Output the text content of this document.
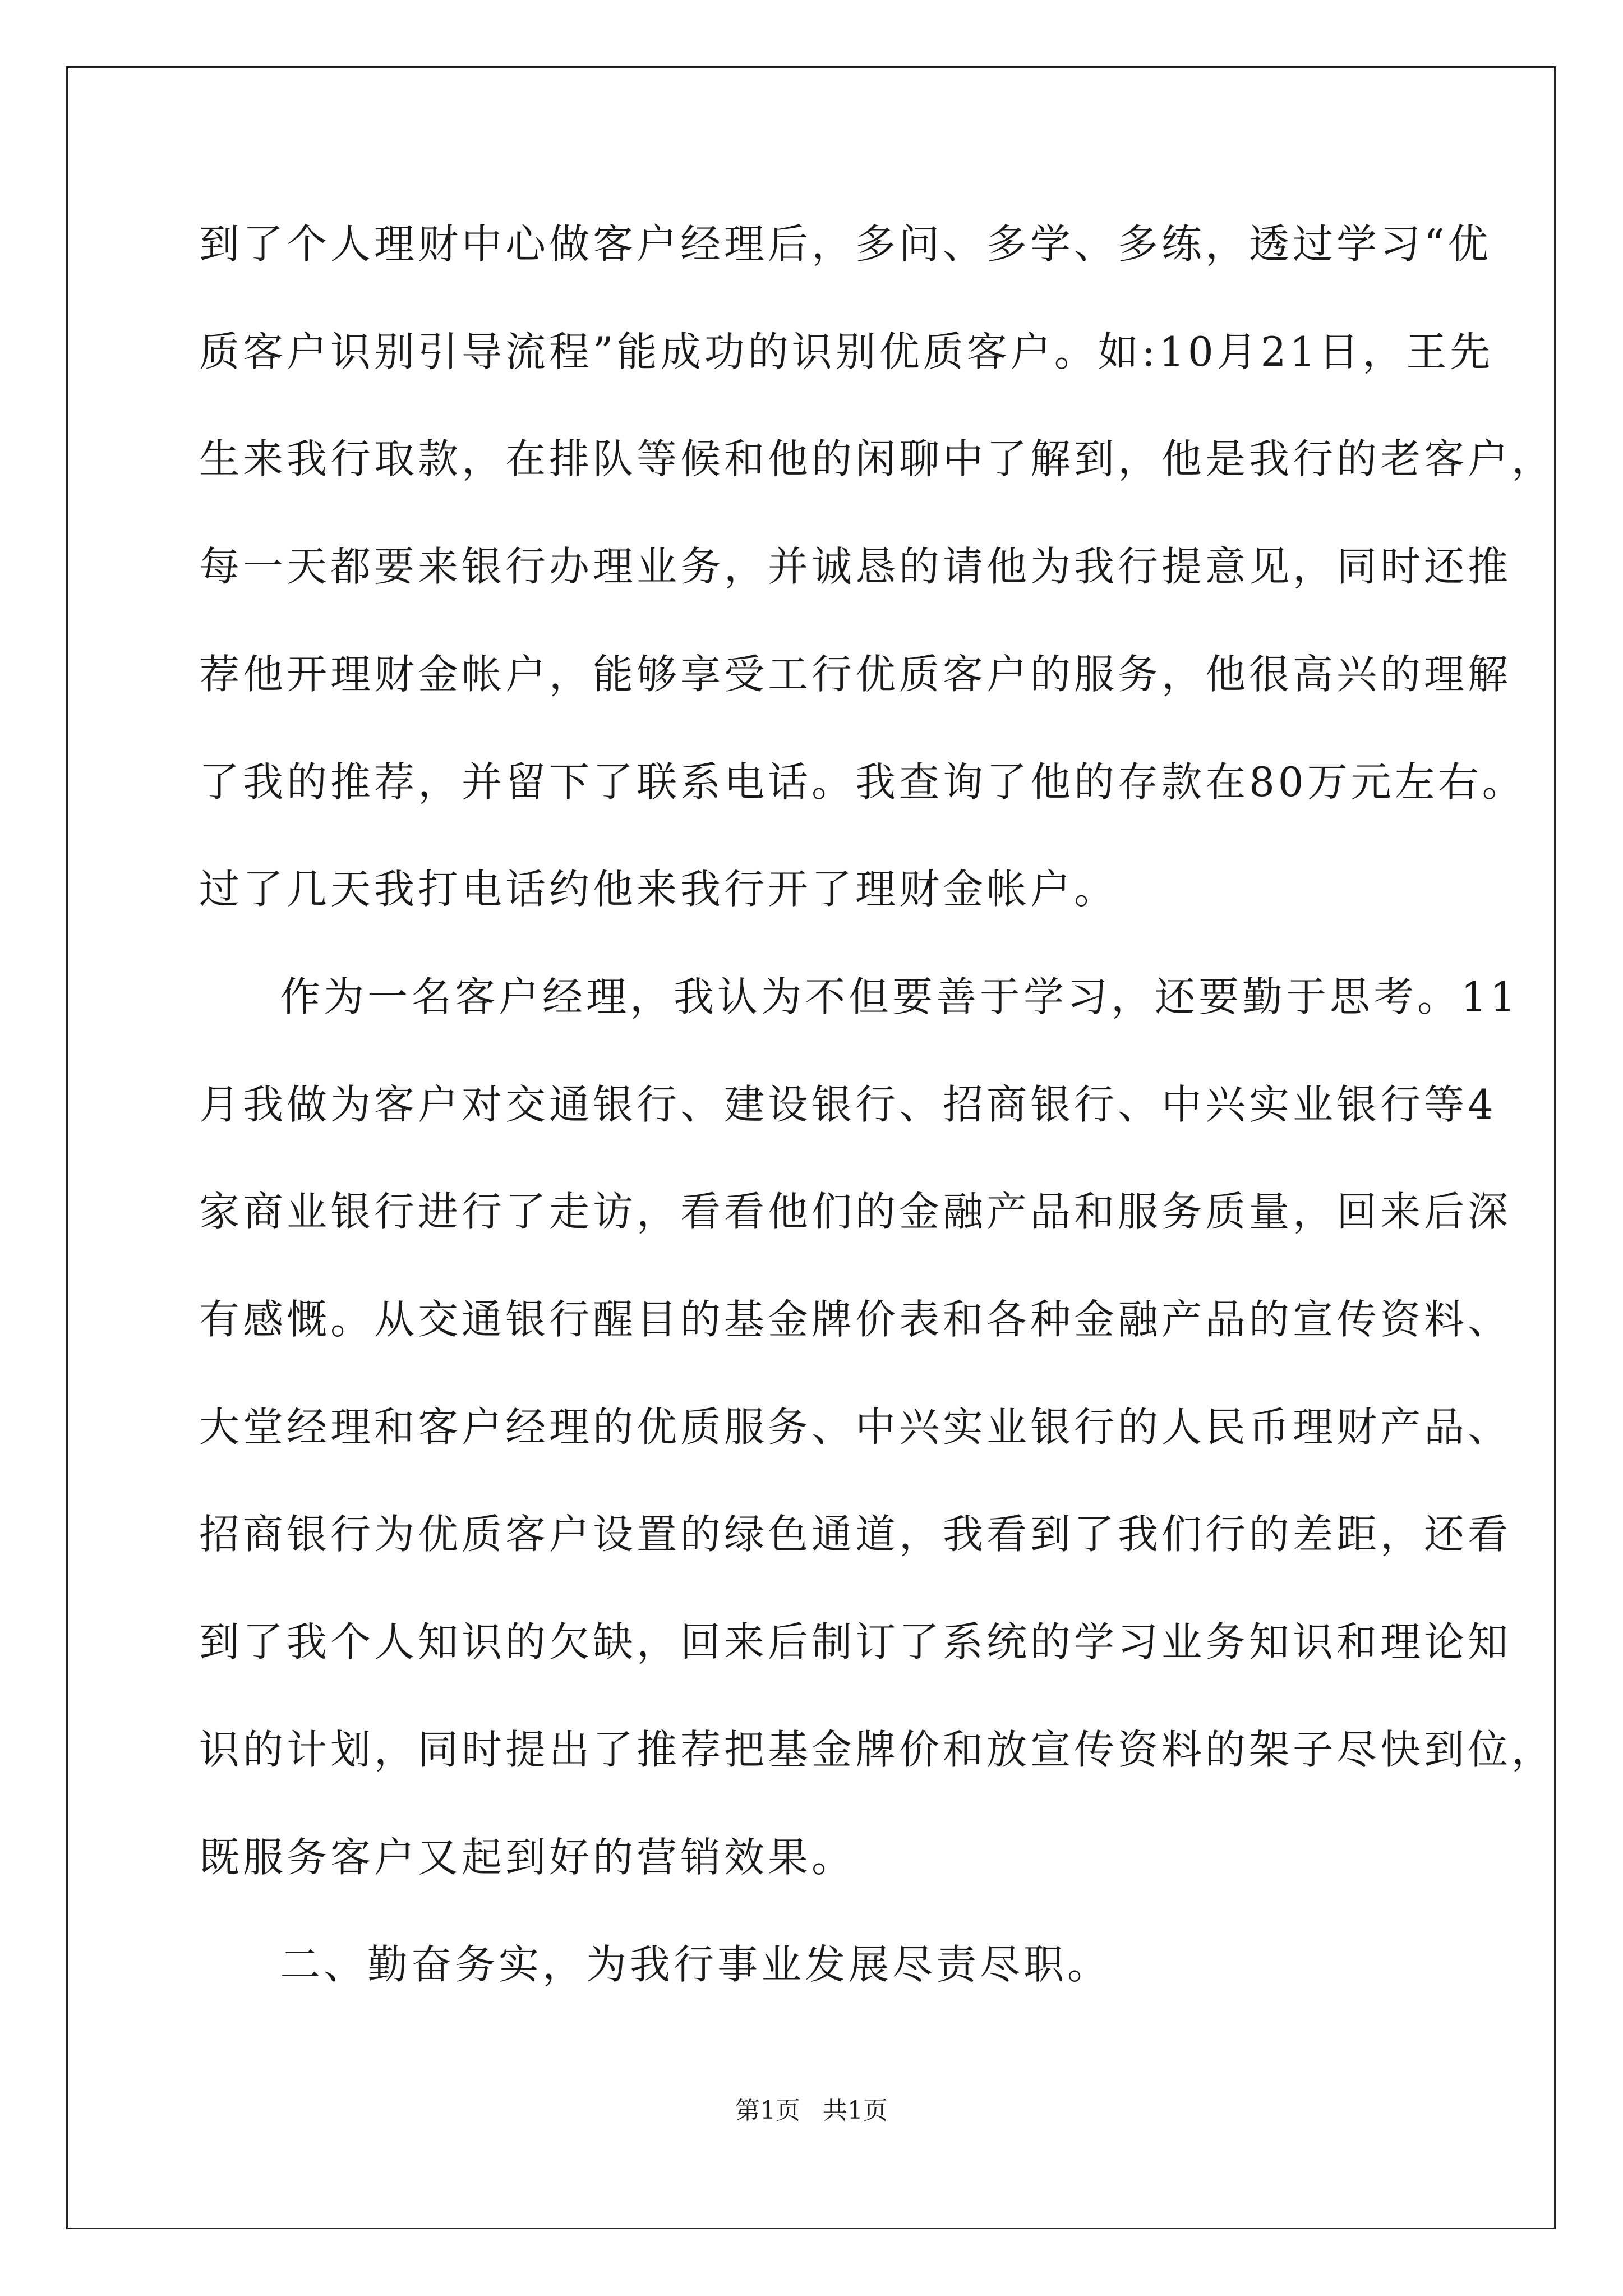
到了个人理财中心做客户经理后，多问、多学、多练，透过学习“优
质客户识别引导流程”能成功的识别优质客户。如:10月21日，王先
生来我行取款，在排队等候和他的闲聊中了解到，他是我行的老客户，
每一天都要来银行办理业务，并诚恳的请他为我行提意见，同时还推
荐他开理财金帐户，能够享受工行优质客户的服务，他很高兴的理解
了我的推荐，并留下了联系电话。我查询了他的存款在80万元左右。
过了几天我打电话约他来我行开了理财金帐户。
作为一名客户经理，我认为不但要善于学习，还要勤于思考。11
月我做为客户对交通银行、建设银行、招商银行、中兴实业银行等4
家商业银行进行了走访，看看他们的金融产品和服务质量，回来后深
有感慨。从交通银行醒目的基金牌价表和各种金融产品的宣传资料、
大堂经理和客户经理的优质服务、中兴实业银行的人民币理财产品、
招商银行为优质客户设置的绿色通道，我看到了我们行的差距，还看
到了我个人知识的欠缺，回来后制订了系统的学习业务知识和理论知
识的计划，同时提出了推荐把基金牌价和放宣传资料的架子尽快到位，
既服务客户又起到好的营销效果。
二、勤奋务实，为我行事业发展尽责尽职。
第1页 共1页
